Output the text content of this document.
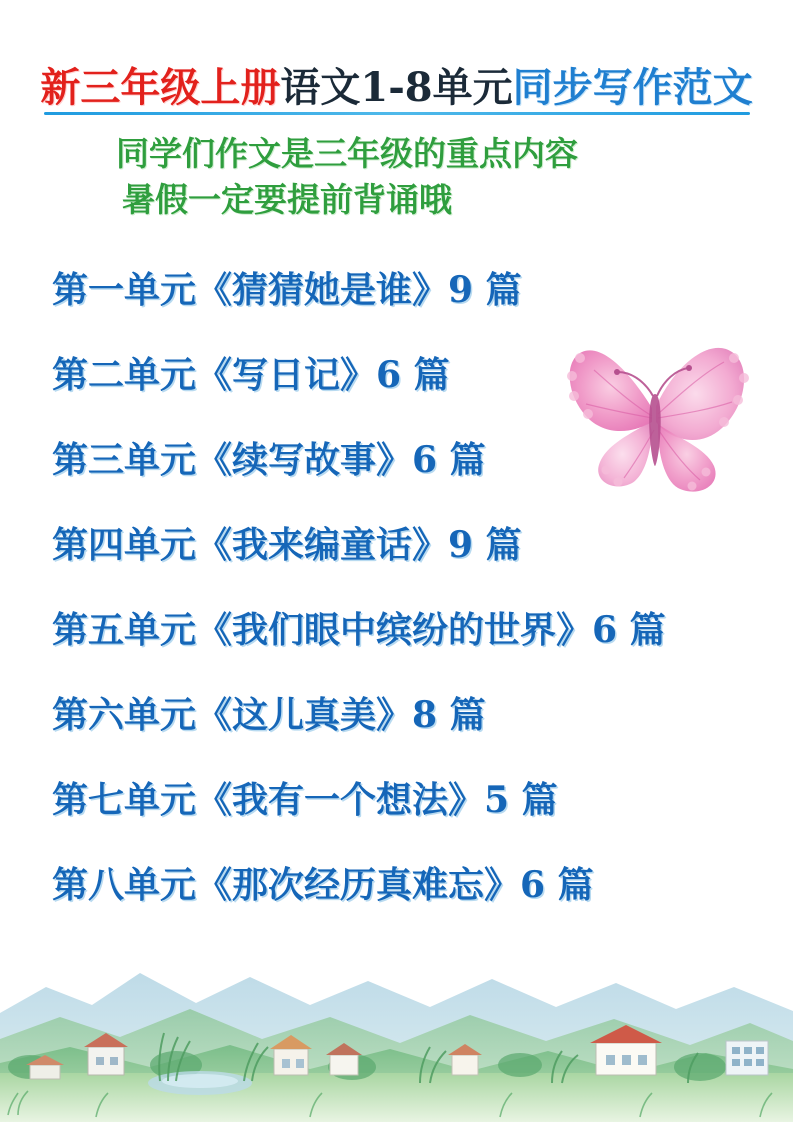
新三年级上册语文1-8单元同步写作范文
同学们作文是三年级的重点内容
暑假一定要提前背诵哦
第一单元《猜猜她是谁》9 篇
第二单元《写日记》6 篇
第三单元《续写故事》6 篇
第四单元《我来编童话》9 篇
第五单元《我们眼中缤纷的世界》6 篇
第六单元《这儿真美》8 篇
第七单元《我有一个想法》5 篇
第八单元《那次经历真难忘》6 篇
